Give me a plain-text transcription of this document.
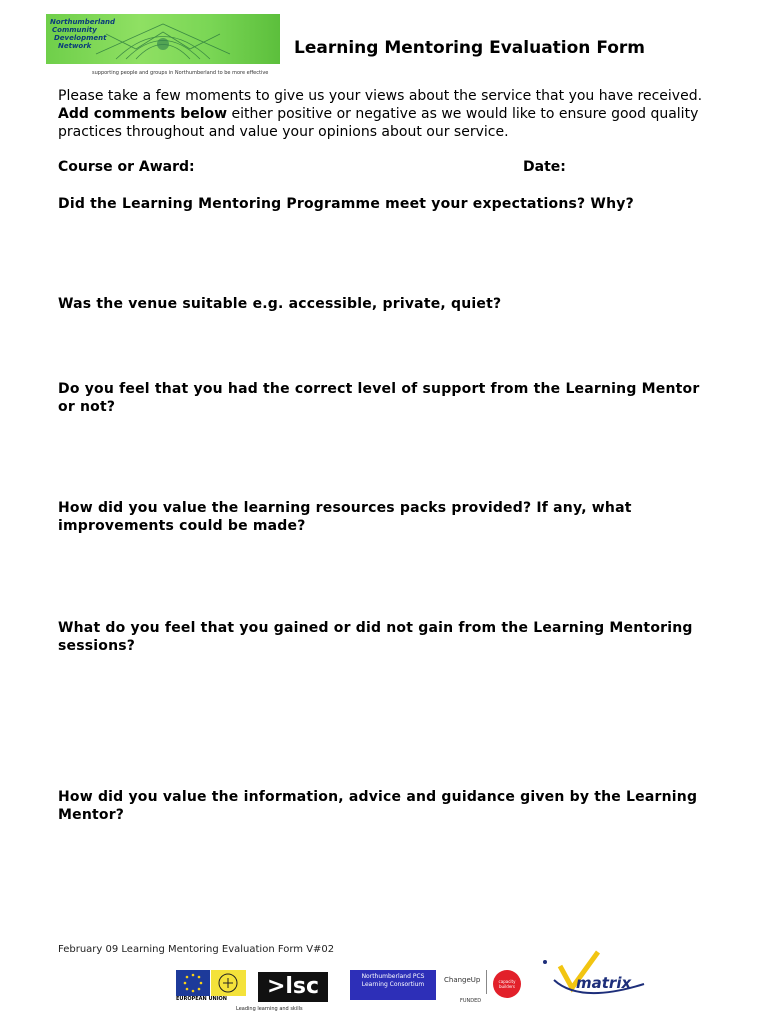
Northumberland
Community
Development
Network
supporting people and groups in Northumberland to be more effective
Learning Mentoring Evaluation Form
Please take a few moments to give us your views about the service that you have received.
Add comments below either positive or negative as we would like to ensure good quality practices throughout and value your opinions about our service.
Course or Award:	Date:
Did the Learning Mentoring Programme meet your expectations? Why?
Was the venue suitable e.g. accessible, private, quiet?
Do you feel that you had the correct level of support from the Learning Mentor or not?
How did you value the learning resources packs provided? If any, what improvements could be made?
What do you feel that you gained or did not gain from the Learning Mentoring sessions?
How did you value the information, advice and guidance given by the Learning Mentor?
February 09 Learning Mentoring Evaluation Form V#02
EUROPEAN UNION	>lsc
Leading learning and skills
Northumberland PCS Learning Consortium
ChangeUp
FUNDED
capacity builders	matrix
